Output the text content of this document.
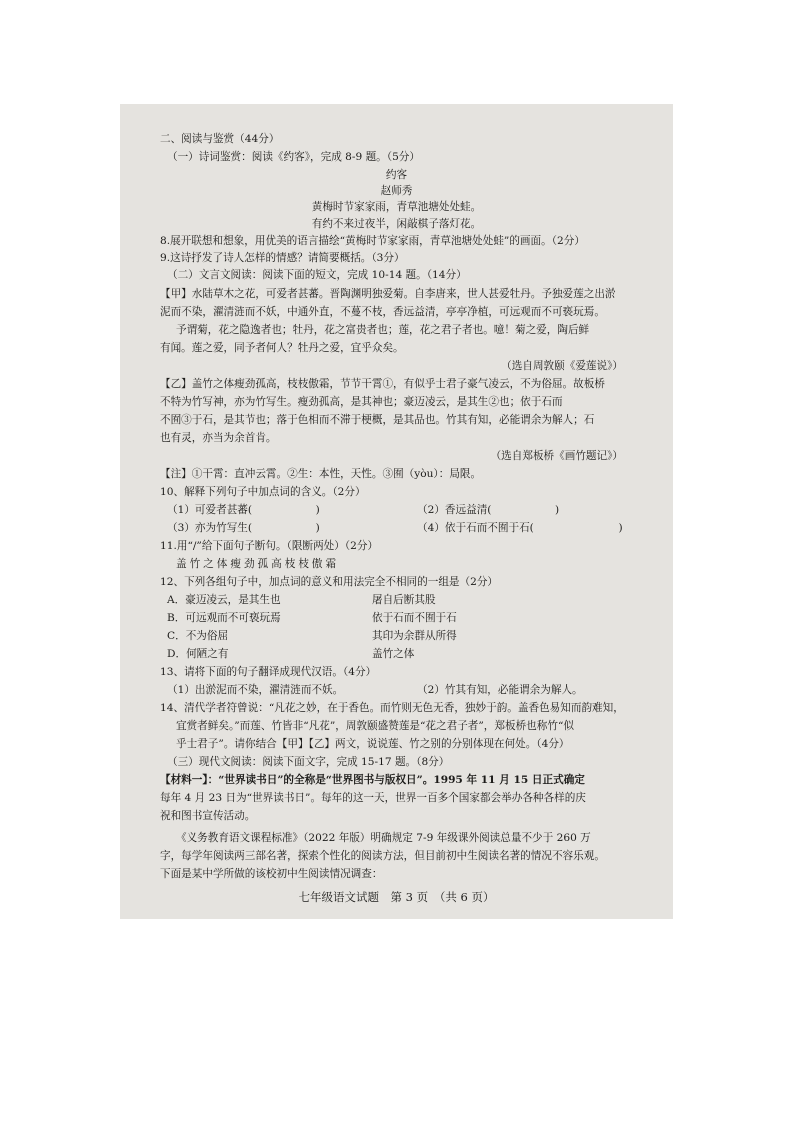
二、阅读与鉴赏（44分）
（一）诗词鉴赏：阅读《约客》，完成 8-9 题。（5分）
约客
赵师秀
黄梅时节家家雨，青草池塘处处蛙。
有约不来过夜半，闲敲棋子落灯花。
8.展开联想和想象，用优美的语言描绘“黄梅时节家家雨，青草池塘处处蛙”的画面。（2分）
9.这诗抒发了诗人怎样的情感？请简要概括。（3分）
（二）文言文阅读：阅读下面的短文，完成 10-14 题。（14分）
【甲】水陆草木之花，可爱者甚蕃。晋陶渊明独爱菊。自李唐来，世人甚爱牡丹。予独爱莲之出淤
泥而不染，濯清涟而不妖，中通外直，不蔓不枝，香远益清，亭亭净植，可远观而不可亵玩焉。
予谓菊，花之隐逸者也；牡丹，花之富贵者也；莲，花之君子者也。噫！菊之爱，陶后鲜
有闻。莲之爱，同予者何人？牡丹之爱，宜乎众矣。
（选自周敦颐《爱莲说》）
【乙】盖竹之体瘦劲孤高，枝枝傲霜，节节干霄①，有似乎士君子豪气凌云，不为俗屈。故板桥
不特为竹写神，亦为竹写生。瘦劲孤高，是其神也；豪迈凌云，是其生②也；依于石而
不囿③于石，是其节也；落于色相而不滞于梗概，是其品也。竹其有知，必能谓余为解人；石
也有灵，亦当为余首肯。
（选自郑板桥《画竹题记》）
【注】①干霄：直冲云霄。②生：本性，天性。③囿（yòu）：局限。
10、解释下列句子中加点词的含义。（2分）
（1）可爱者甚蕃(　　　　　　)	（2）香远益清(　　　　　　)
（3）亦为竹写生(　　　　　　)	（4）依于石而不囿于石(　　　　　　　　)
11.用“/”给下面句子断句。（限断两处）（2分）
盖竹之体瘦劲孤高枝枝傲霜
12、下列各组句子中，加点词的意义和用法完全不相同的一组是（2分）
A．豪迈凌云，是其生也	屠自后断其股
B．可远观而不可亵玩焉	依于石而不囿于石
C．不为俗屈	其印为余群从所得
D．何陋之有	盖竹之体
13、请将下面的句子翻译成现代汉语。（4分）
（1）出淤泥而不染，濯清涟而不妖。	（2）竹其有知，必能谓余为解人。
14、清代学者符曾说：“凡花之妙，在于香色。而竹则无色无香，独妙于韵。盖香色易知而韵难知，
宜赏者鲜矣。”而莲、竹皆非“凡花”，周敦颐盛赞莲是“花之君子者”，郑板桥也称竹“似
乎士君子”。请你结合【甲】【乙】两文，说说莲、竹之别的分别体现在何处。（4分）
（三）现代文阅读：阅读下面文字，完成 15-17 题。（8分）
【材料一】：“世界读书日”的全称是“世界图书与版权日”。1995 年 11 月 15 日正式确定
每年 4 月 23 日为“世界读书日”。每年的这一天，世界一百多个国家都会举办各种各样的庆
祝和图书宣传活动。
《义务教育语文课程标准》（2022 年版）明确规定 7-9 年级课外阅读总量不少于 260 万
字，每学年阅读两三部名著，探索个性化的阅读方法，但目前初中生阅读名著的情况不容乐观。
下面是某中学所做的该校初中生阅读情况调查：
七年级语文试题　第 3 页　（共 6 页）
